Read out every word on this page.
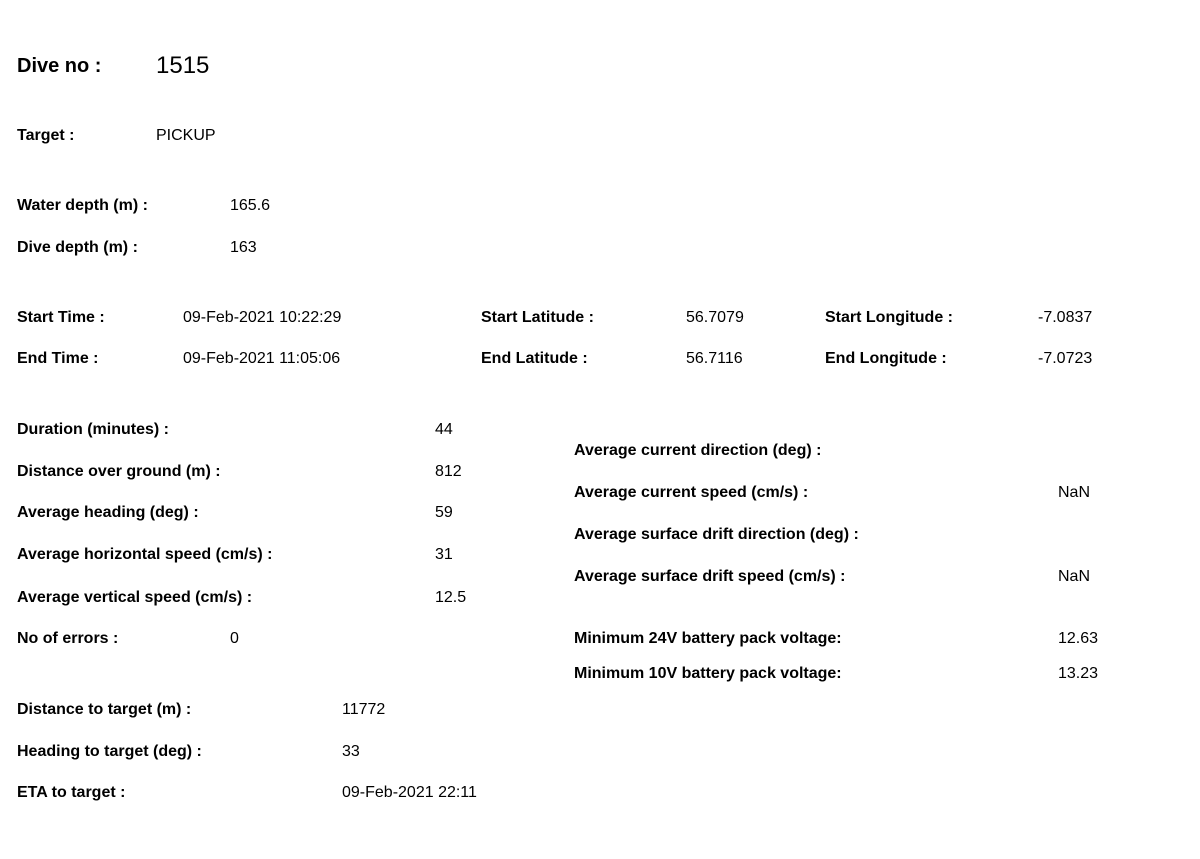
Dive no : 1515
Target :	PICKUP
Water depth (m) :	165.6
Dive depth (m) :	163
Start Time :	09-Feb-2021 10:22:29
End Time :	09-Feb-2021 11:05:06
Start Latitude :	56.7079
End Latitude :	56.7116
Start Longitude :	-7.0837
End Longitude :	-7.0723
Duration (minutes) :	44
Distance over ground (m) :	812
Average heading (deg) :	59
Average horizontal speed (cm/s) :	31
Average vertical speed (cm/s) :	12.5
No of errors :	0
Average current direction (deg) :
Average current speed (cm/s) :	NaN
Average surface drift direction (deg) :
Average surface drift speed (cm/s) :	NaN
Minimum 24V battery pack voltage:	12.63
Minimum 10V battery pack voltage:	13.23
Distance to target (m) :	11772
Heading to target (deg) :	33
ETA to target :	09-Feb-2021 22:11
